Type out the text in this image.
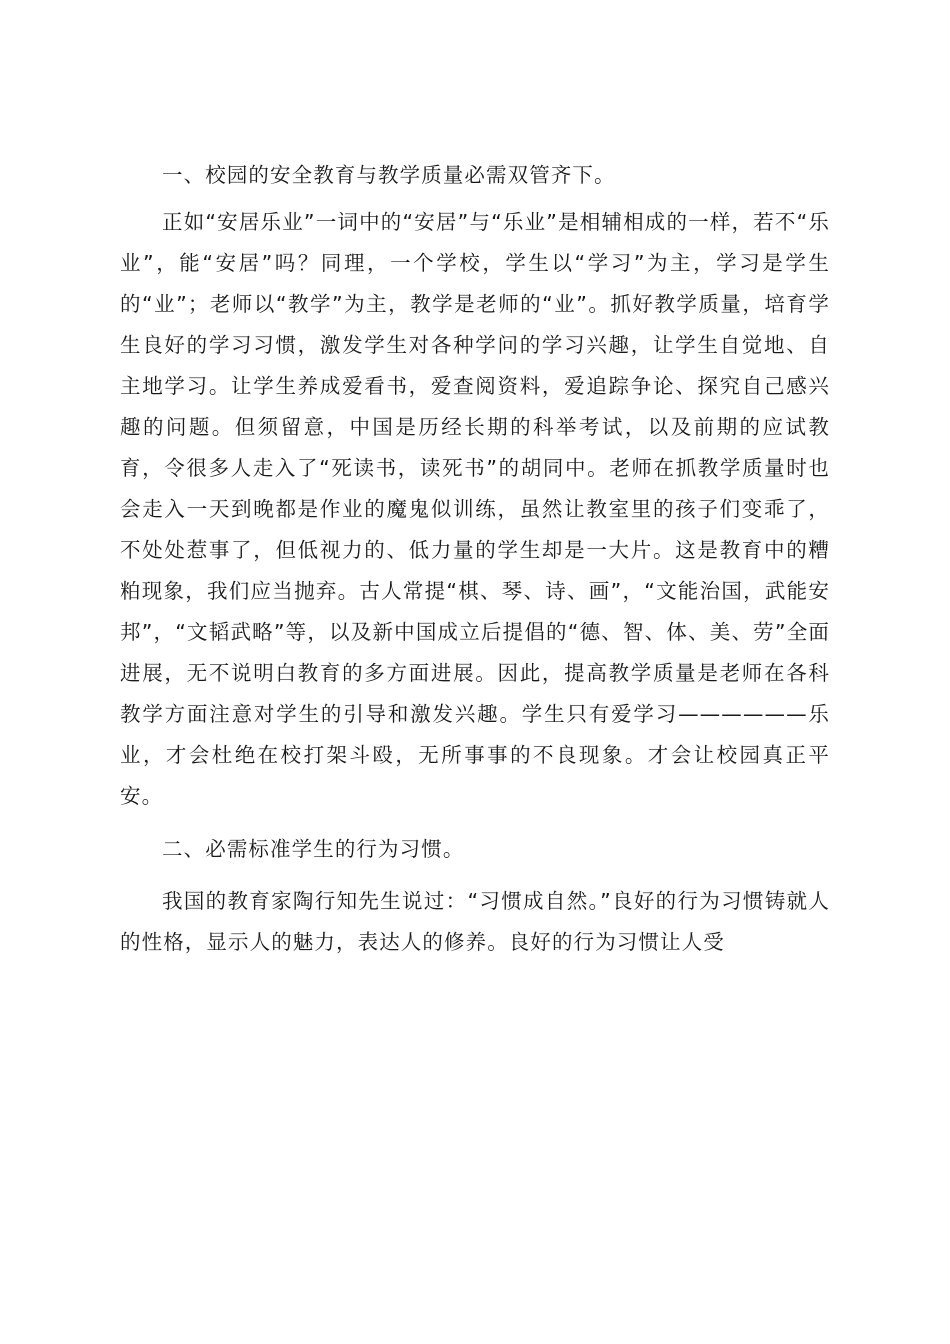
一、校园的安全教育与教学质量必需双管齐下。

正如“安居乐业”一词中的“安居”与“乐业”是相辅相成的一样，若不“乐业”，能“安居”吗？同理，一个学校，学生以“学习”为主，学习是学生的“业”；老师以“教学”为主，教学是老师的“业”。抓好教学质量，培育学生良好的学习习惯，激发学生对各种学问的学习兴趣，让学生自觉地、自主地学习。让学生养成爱看书，爱查阅资料，爱追踪争论、探究自己感兴趣的问题。但须留意，中国是历经长期的科举考试，以及前期的应试教育，令很多人走入了“死读书，读死书”的胡同中。老师在抓教学质量时也会走入一天到晚都是作业的魔鬼似训练，虽然让教室里的孩子们变乖了，不处处惹事了，但低视力的、低力量的学生却是一大片。这是教育中的糟粕现象，我们应当抛弃。古人常提“棋、琴、诗、画”，“文能治国，武能安邦”，“文韬武略”等，以及新中国成立后提倡的“德、智、体、美、劳”全面进展，无不说明白教育的多方面进展。因此，提高教学质量是老师在各科教学方面注意对学生的引导和激发兴趣。学生只有爱学习——————乐业，才会杜绝在校打架斗殴，无所事事的不良现象。才会让校园真正平安。

二、必需标准学生的行为习惯。

我国的教育家陶行知先生说过：“习惯成自然。”良好的行为习惯铸就人的性格，显示人的魅力，表达人的修养。良好的行为习惯让人受
